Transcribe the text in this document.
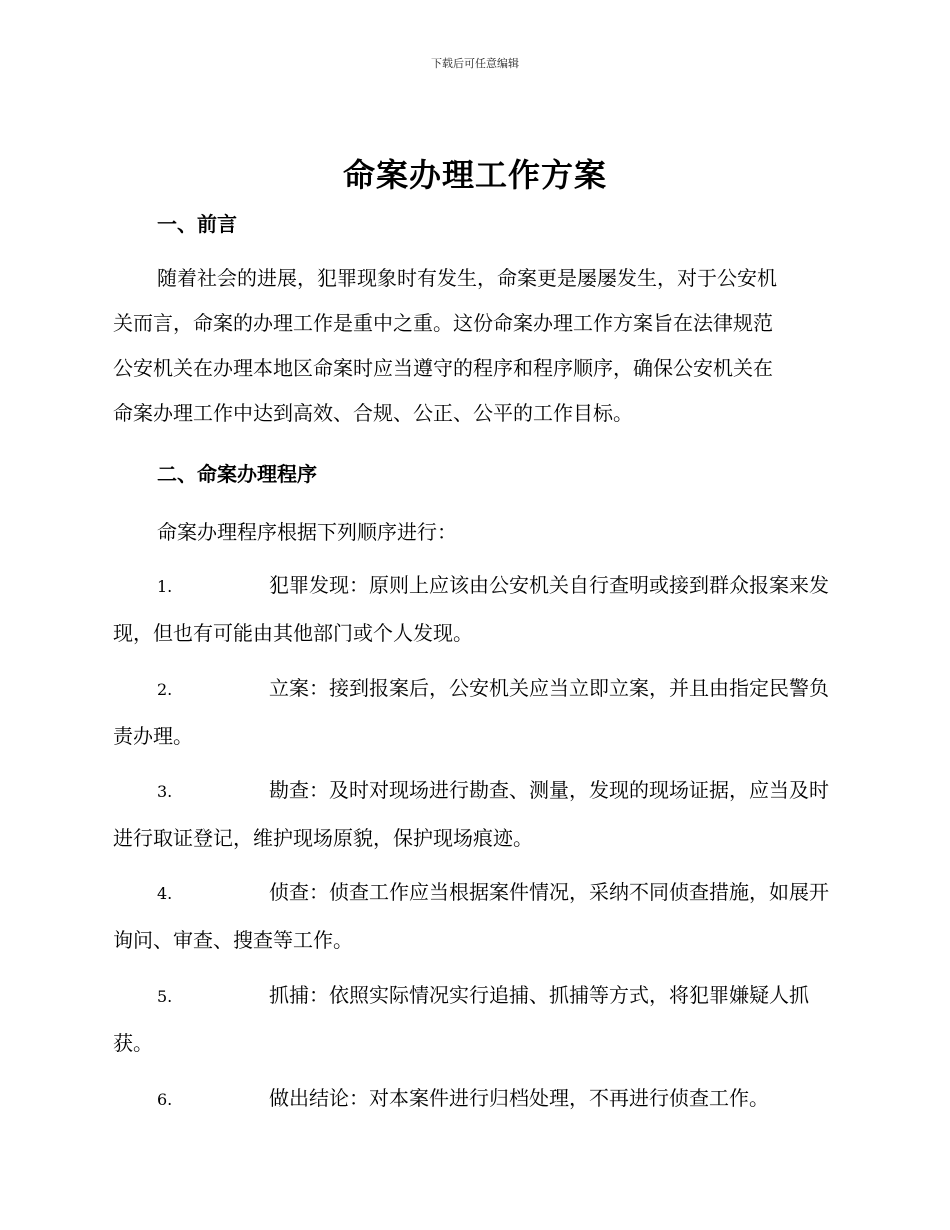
下载后可任意编辑
命案办理工作方案
一、前言
随着社会的进展，犯罪现象时有发生，命案更是屡屡发生，对于公安机
关而言，命案的办理工作是重中之重。这份命案办理工作方案旨在法律规范
公安机关在办理本地区命案时应当遵守的程序和程序顺序，确保公安机关在
命案办理工作中达到高效、合规、公正、公平的工作目标。
二、命案办理程序
命案办理程序根据下列顺序进行：
1.	犯罪发现：原则上应该由公安机关自行查明或接到群众报案来发
现，但也有可能由其他部门或个人发现。
2.	立案：接到报案后，公安机关应当立即立案，并且由指定民警负
责办理。
3.	勘查：及时对现场进行勘查、测量，发现的现场证据，应当及时
进行取证登记，维护现场原貌，保护现场痕迹。
4.	侦查：侦查工作应当根据案件情况，采纳不同侦查措施，如展开
询问、审查、搜查等工作。
5.	抓捕：依照实际情况实行追捕、抓捕等方式，将犯罪嫌疑人抓
获。
6.	做出结论：对本案件进行归档处理，不再进行侦查工作。
